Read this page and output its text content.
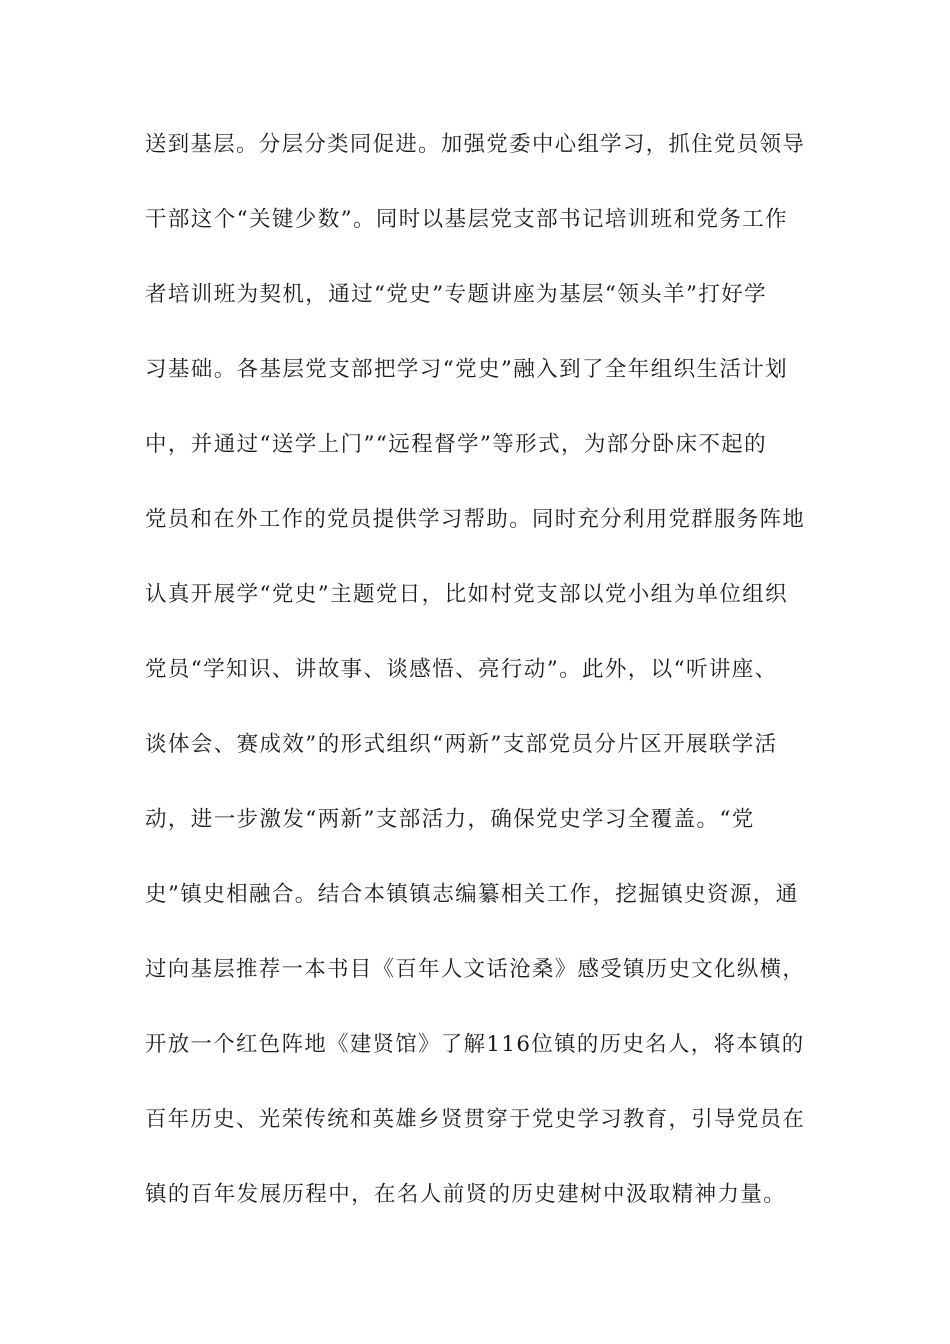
送到基层。分层分类同促进。加强党委中心组学习，抓住党员领导
干部这个“关键少数”。同时以基层党支部书记培训班和党务工作
者培训班为契机，通过“党史”专题讲座为基层“领头羊”打好学
习基础。各基层党支部把学习“党史”融入到了全年组织生活计划
中，并通过“送学上门”“远程督学”等形式，为部分卧床不起的
党员和在外工作的党员提供学习帮助。同时充分利用党群服务阵地
认真开展学“党史”主题党日，比如村党支部以党小组为单位组织
党员“学知识、讲故事、谈感悟、亮行动”。此外，以“听讲座、
谈体会、赛成效”的形式组织“两新”支部党员分片区开展联学活
动，进一步激发“两新”支部活力，确保党史学习全覆盖。“党
史”镇史相融合。结合本镇镇志编纂相关工作，挖掘镇史资源，通
过向基层推荐一本书目《百年人文话沧桑》感受镇历史文化纵横，
开放一个红色阵地《建贤馆》了解116位镇的历史名人，将本镇的
百年历史、光荣传统和英雄乡贤贯穿于党史学习教育，引导党员在
镇的百年发展历程中，在名人前贤的历史建树中汲取精神力量。
